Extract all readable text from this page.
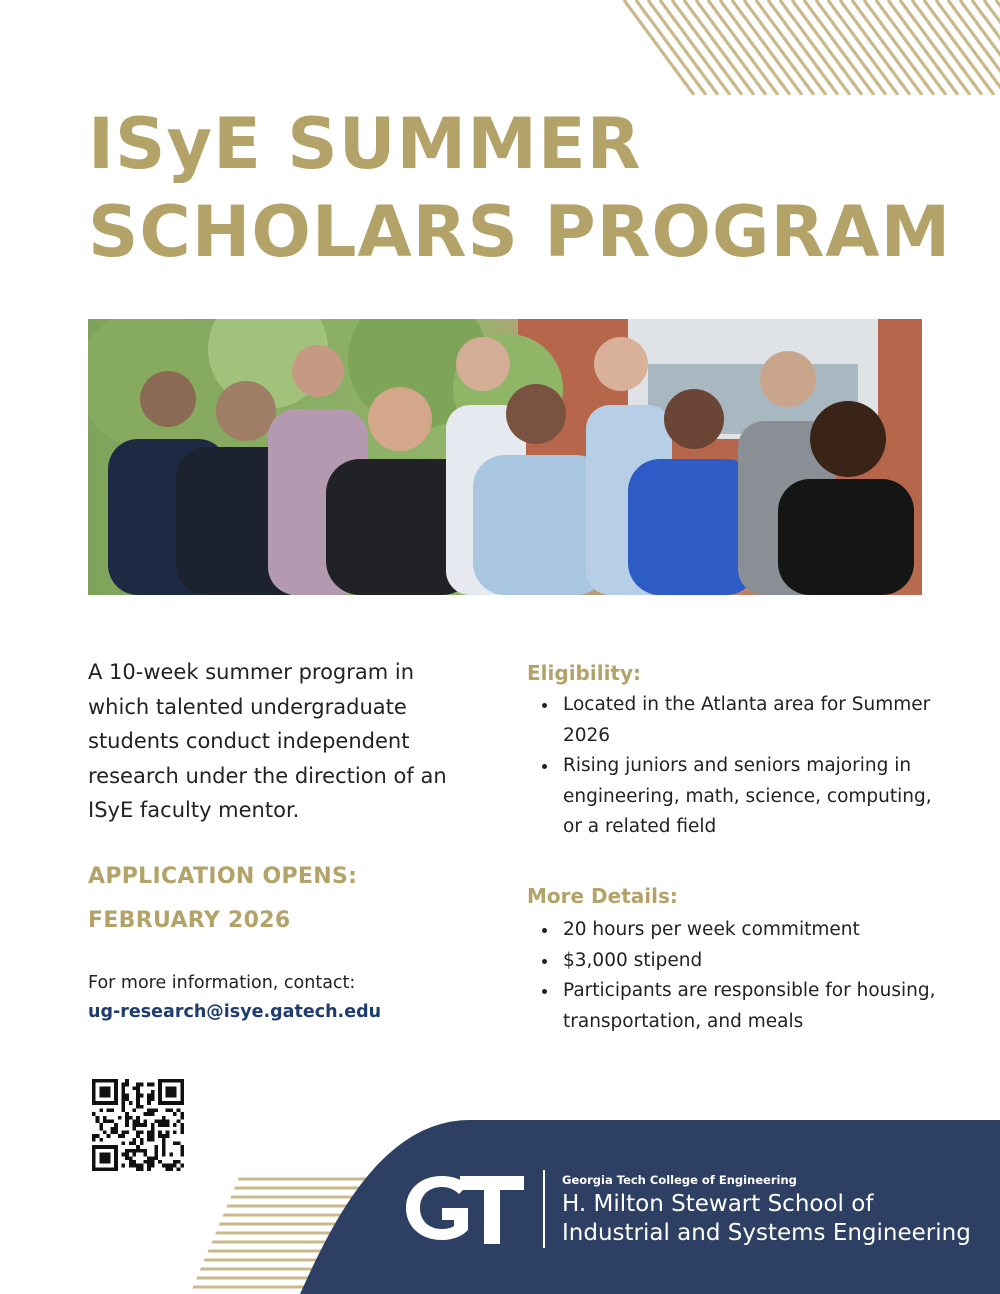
ISyE SUMMER
SCHOLARS PROGRAM

A 10-week summer program in which talented undergraduate students conduct independent research under the direction of an ISyE faculty mentor.

APPLICATION OPENS:

FEBRUARY 2026

For more information, contact:

ug-research@isye.gatech.edu

Eligibility:
Located in the Atlanta area for Summer 2026
Rising juniors and seniors majoring in engineering, math, science, computing, or a related field
More Details:
20 hours per week commitment
$3,000 stipend
Participants are responsible for housing, transportation, and meals

Georgia Tech College of Engineering

H. Milton Stewart School of
Industrial and Systems Engineering
